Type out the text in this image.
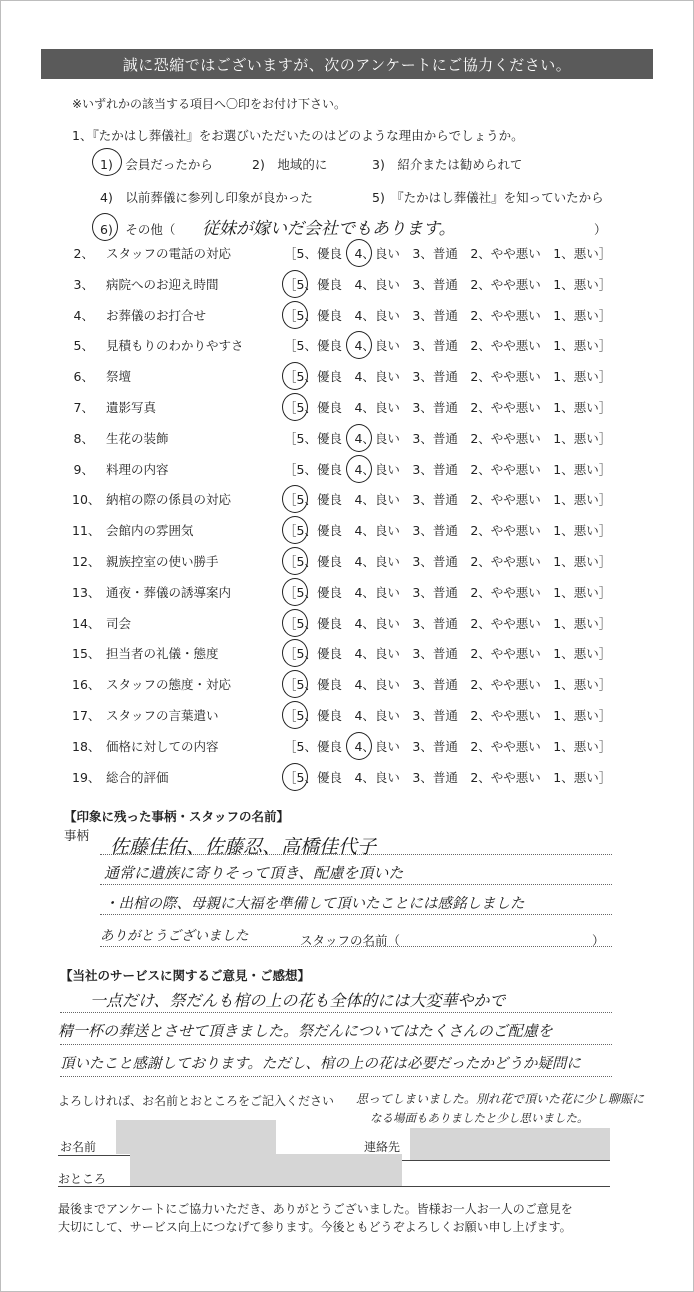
誠に恐縮ではございますが、次のアンケートにご協力ください。
※いずれかの該当する項目へ〇印をお付け下さい。
1、『たかはし葬儀社』をお選びいただいたのはどのような理由からでしょうか。
1)　会員だったから	2)　地域的に	3)　紹介または勧められて
4)　以前葬儀に参列し印象が良かった	5)　『たかはし葬儀社』を知っていたから
6)　その他（ 従妹が嫁いだ会社でもあります。	）
2、 スタッフの電話の対応	［5、優良　4、良い　3、普通　2、やや悪い　1、悪い］
3、 病院へのお迎え時間	［5、優良　4、良い　3、普通　2、やや悪い　1、悪い］
4、 お葬儀のお打合せ	［5、優良　4、良い　3、普通　2、やや悪い　1、悪い］
5、 見積もりのわかりやすさ	［5、優良　4、良い　3、普通　2、やや悪い　1、悪い］
6、 祭壇	［5、優良　4、良い　3、普通　2、やや悪い　1、悪い］
7、 遺影写真	［5、優良　4、良い　3、普通　2、やや悪い　1、悪い］
8、 生花の装飾	［5、優良　4、良い　3、普通　2、やや悪い　1、悪い］
9、 料理の内容	［5、優良　4、良い　3、普通　2、やや悪い　1、悪い］
10、 納棺の際の係員の対応	［5、優良　4、良い　3、普通　2、やや悪い　1、悪い］
11、 会館内の雰囲気	［5、優良　4、良い　3、普通　2、やや悪い　1、悪い］
12、 親族控室の使い勝手	［5、優良　4、良い　3、普通　2、やや悪い　1、悪い］
13、 通夜・葬儀の誘導案内	［5、優良　4、良い　3、普通　2、やや悪い　1、悪い］
14、 司会	［5、優良　4、良い　3、普通　2、やや悪い　1、悪い］
15、 担当者の礼儀・態度	［5、優良　4、良い　3、普通　2、やや悪い　1、悪い］
16、 スタッフの態度・対応	［5、優良　4、良い　3、普通　2、やや悪い　1、悪い］
17、 スタッフの言葉遣い	［5、優良　4、良い　3、普通　2、やや悪い　1、悪い］
18、 価格に対しての内容	［5、優良　4、良い　3、普通　2、やや悪い　1、悪い］
19、 総合的評価	［5、優良　4、良い　3、普通　2、やや悪い　1、悪い］
【印象に残った事柄・スタッフの名前】
事柄
佐藤佳佑、佐藤忍、高橋佳代子
通常に遺族に寄りそって頂き、配慮を頂いた
・出棺の際、母親に大福を準備して頂いたことには感銘しました
ありがとうございました	スタッフの名前（	）
【当社のサービスに関するご意見・ご感想】
一点だけ、祭だんも棺の上の花も全体的には大変華やかで
精一杯の葬送とさせて頂きました。祭だんについてはたくさんのご配慮を
頂いたこと感謝しております。ただし、棺の上の花は必要だったかどうか疑問に
よろしければ、お名前とおところをご記入ください 思ってしまいました。別れ花で頂いた花に少し聊賑に
なる場面もありましたと少し思いました。
お名前	連絡先
おところ
最後までアンケートにご協力いただき、ありがとうございました。皆様お一人お一人のご意見を
大切にして、サービス向上につなげて参ります。今後ともどうぞよろしくお願い申し上げます。
